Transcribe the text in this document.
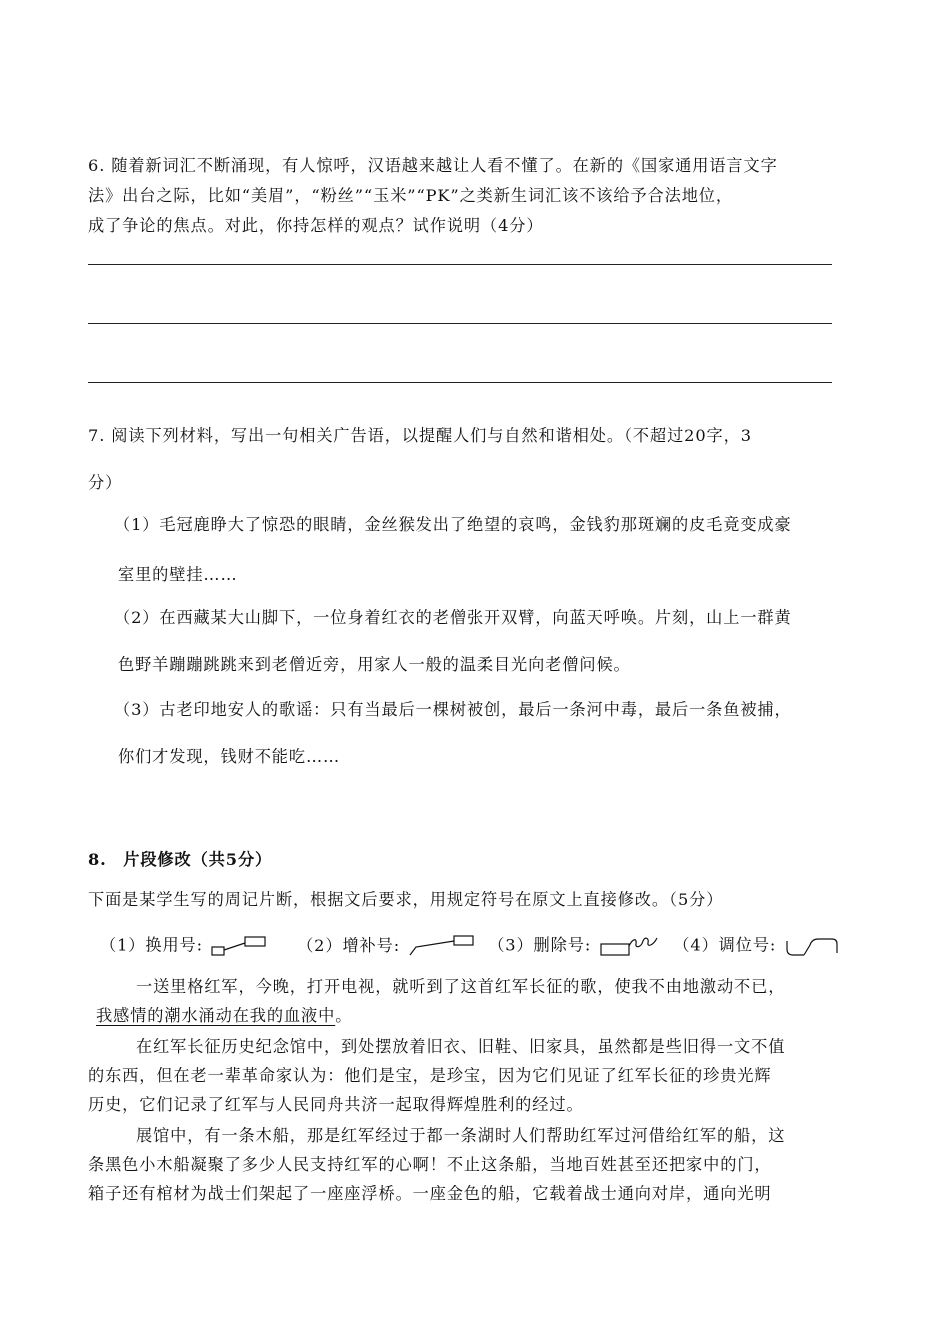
6. 随着新词汇不断涌现，有人惊呼，汉语越来越让人看不懂了。在新的《国家通用语言文字
法》出台之际，比如“美眉”，“粉丝”“玉米”“PK”之类新生词汇该不该给予合法地位，
成了争论的焦点。对此，你持怎样的观点？试作说明（4分）
7. 阅读下列材料，写出一句相关广告语，以提醒人们与自然和谐相处。（不超过20字，3
分）
（1）毛冠鹿睁大了惊恐的眼睛，金丝猴发出了绝望的哀鸣，金钱豹那斑斓的皮毛竟变成豪
室里的壁挂……
（2）在西藏某大山脚下，一位身着红衣的老僧张开双臂，向蓝天呼唤。片刻，山上一群黄
色野羊蹦蹦跳跳来到老僧近旁，用家人一般的温柔目光向老僧问候。
（3）古老印地安人的歌谣：只有当最后一棵树被创，最后一条河中毒，最后一条鱼被捕，
你们才发现，钱财不能吃……
8. 片段修改（共5分）
下面是某学生写的周记片断，根据文后要求，用规定符号在原文上直接修改。（5分）
（1）换用号:	（2）增补号:	（3）删除号:	（4）调位号:
一送里格红军，今晚，打开电视，就听到了这首红军长征的歌，使我不由地激动不已，
我感情的潮水涌动在我的血液中。
在红军长征历史纪念馆中，到处摆放着旧衣、旧鞋、旧家具，虽然都是些旧得一文不值
的东西，但在老一辈革命家认为：他们是宝，是珍宝，因为它们见证了红军长征的珍贵光辉
历史，它们记录了红军与人民同舟共济一起取得辉煌胜利的经过。
展馆中，有一条木船，那是红军经过于都一条湖时人们帮助红军过河借给红军的船，这
条黑色小木船凝聚了多少人民支持红军的心啊！不止这条船，当地百姓甚至还把家中的门，
箱子还有棺材为战士们架起了一座座浮桥。一座金色的船，它载着战士通向对岸，通向光明
